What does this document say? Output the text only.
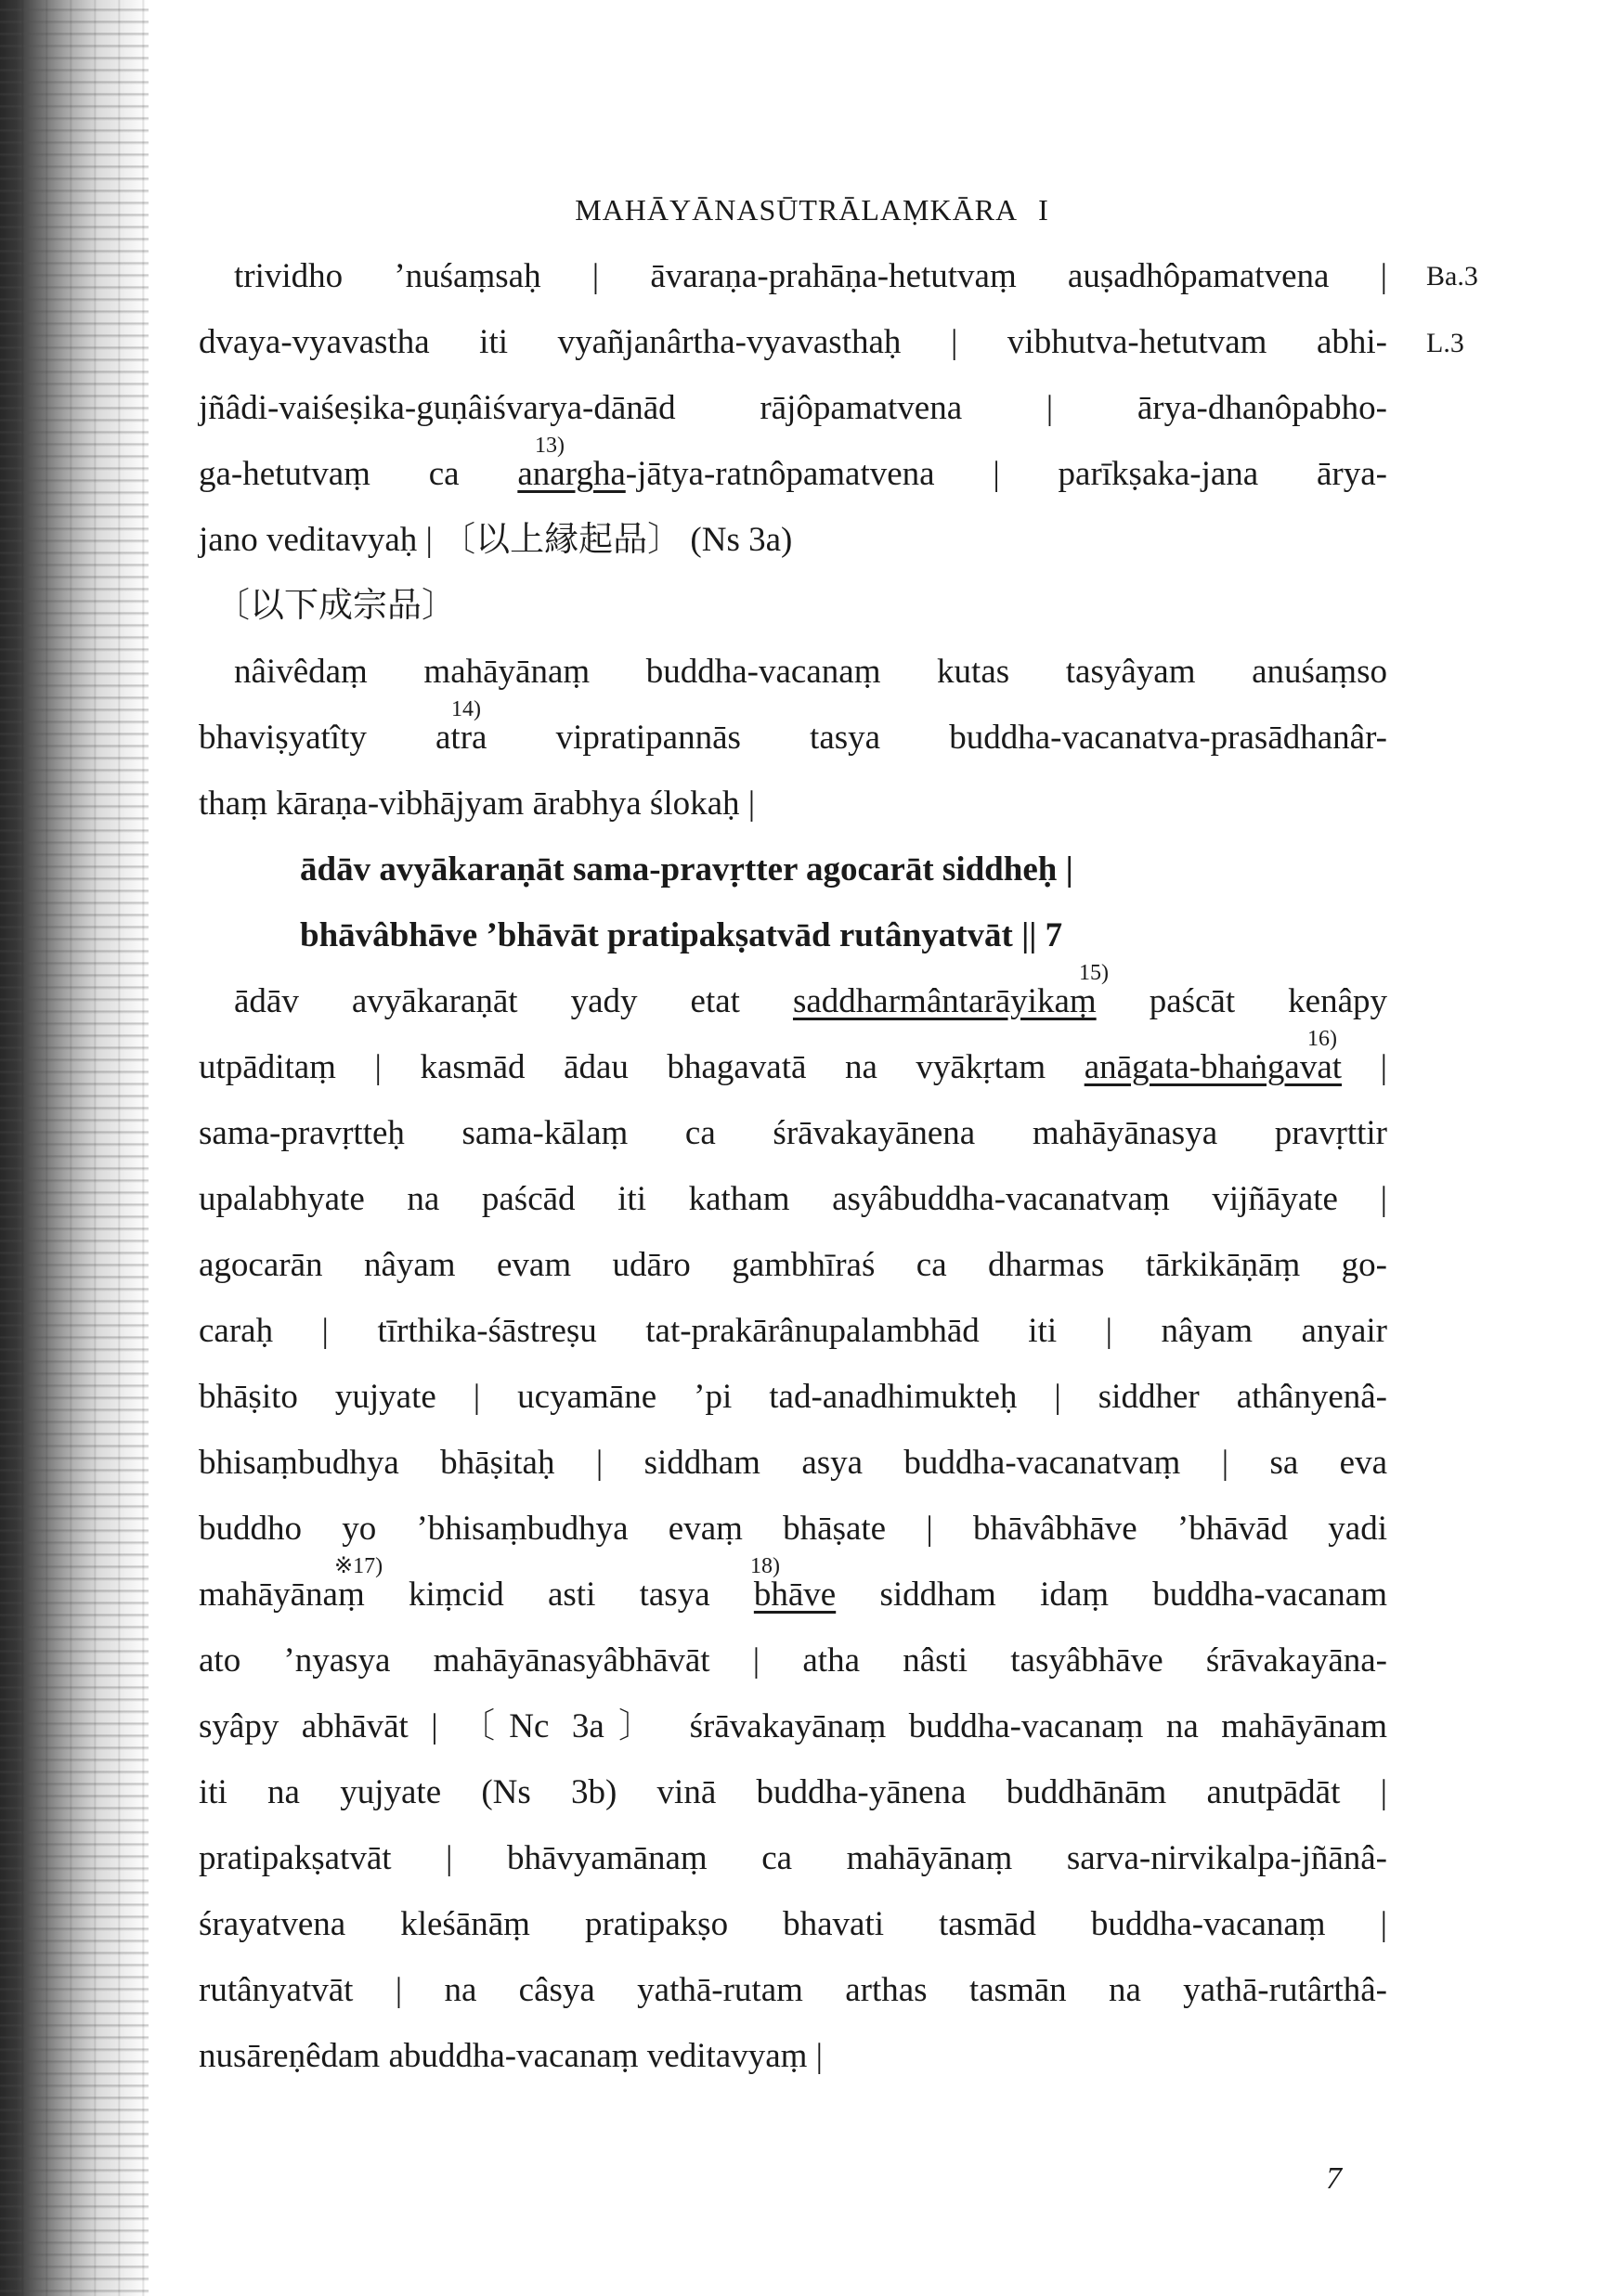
MAHĀYĀNASŪTRĀLAṂKĀRA I
Ba.3
L.3
trividho ’nuśaṃsaḥ | āvaraṇa-prahāṇa-hetutvaṃ auṣadhôpamatvena |
dvaya-vyavastha iti vyañjanârtha-vyavasthaḥ | vibhutva-hetutvam abhi-
jñâdi-vaiśeṣika-guṇâiśvarya-dānād rājôpamatvena | ārya-dhanôpabho-
13)
ga-hetutvaṃ ca anargha-jātya-ratnôpamatvena | parīkṣaka-jana ārya-
jano veditavyaḥ | 〔以上縁起品〕 (Ns 3a)
〔以下成宗品〕
nâivêdaṃ mahāyānaṃ buddha-vacanaṃ kutas tasyâyam anuśaṃso
14)
bhaviṣyatîty atra vipratipannās tasya buddha-vacanatva-prasādhanâr-
thaṃ kāraṇa-vibhājyam ārabhya ślokaḥ |
ādāv avyākaraṇāt sama-pravṛtter agocarāt siddheḥ |
bhāvâbhāve ’bhāvāt pratipakṣatvād rutânyatvāt || 7
15)
ādāv avyākaraṇāt yady etat saddharmântarāyikaṃ paścāt kenâpy
16)
utpāditaṃ | kasmād ādau bhagavatā na vyākṛtam anāgata-bhaṅgavat |
sama-pravṛtteḥ sama-kālaṃ ca śrāvakayānena mahāyānasya pravṛttir
upalabhyate na paścād iti katham asyâbuddha-vacanatvaṃ vijñāyate |
agocarān nâyam evam udāro gambhīraś ca dharmas tārkikāṇāṃ go-
caraḥ | tīrthika-śāstreṣu tat-prakārânupalambhād iti | nâyam anyair
bhāṣito yujyate | ucyamāne ’pi tad-anadhimukteḥ | siddher athânyenâ-
bhisaṃbudhya bhāṣitaḥ | siddham asya buddha-vacanatvaṃ | sa eva
buddho yo ’bhisaṃbudhya evaṃ bhāṣate | bhāvâbhāve ’bhāvād yadi
※17)	18)
mahāyānaṃ kiṃcid asti tasya bhāve siddham idaṃ buddha-vacanam
ato ’nyasya mahāyānasyâbhāvāt | atha nâsti tasyâbhāve śrāvakayāna-
syâpy abhāvāt | 〔Nc 3a〕 śrāvakayānaṃ buddha-vacanaṃ na mahāyānam
iti na yujyate (Ns 3b) vinā buddha-yānena buddhānām anutpādāt |
pratipakṣatvāt | bhāvyamānaṃ ca mahāyānaṃ sarva-nirvikalpa-jñānâ-
śrayatvena kleśānāṃ pratipakṣo bhavati tasmād buddha-vacanaṃ |
rutânyatvāt | na câsya yathā-rutam arthas tasmān na yathā-rutârthâ-
nusāreṇêdam abuddha-vacanaṃ veditavyaṃ |
7
